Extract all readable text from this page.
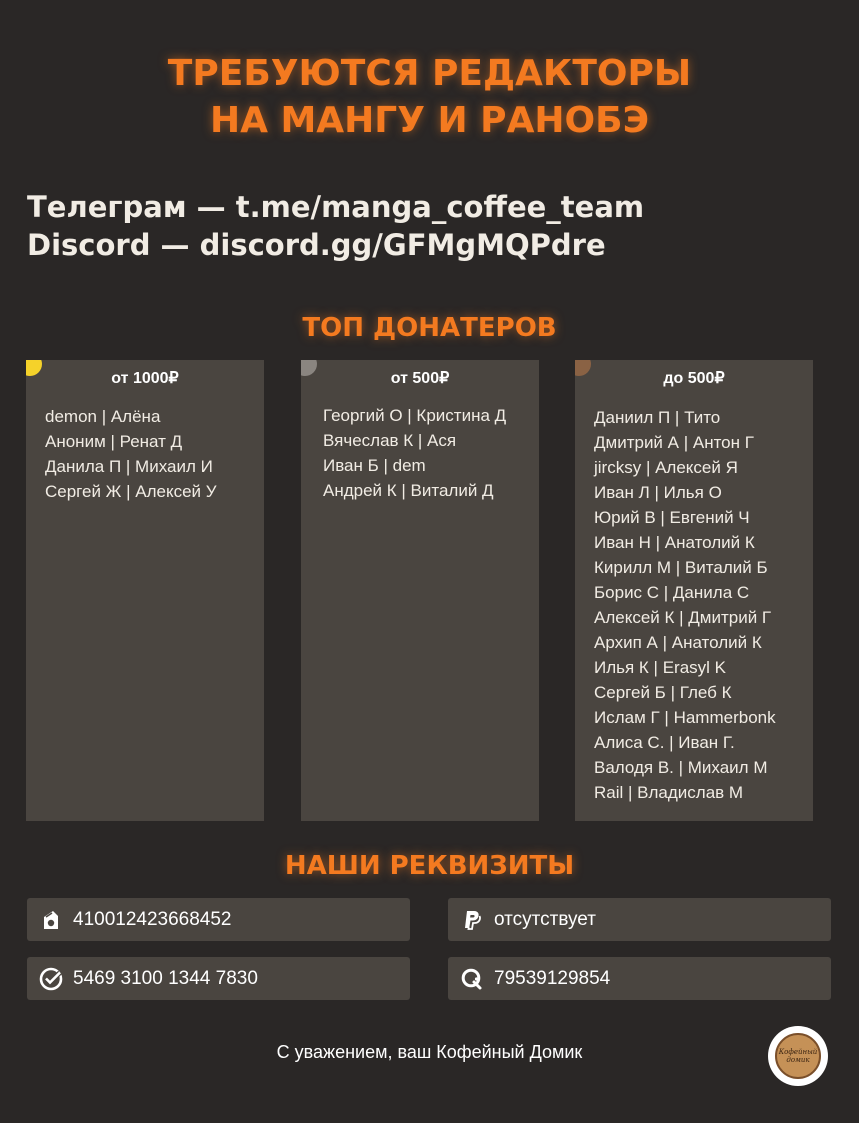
ТРЕБУЮТСЯ РЕДАКТОРЫ
НА МАНГУ И РАНОБЭ
Телеграм — t.me/manga_coffee_team
Discord — discord.gg/GFMgMQPdre
ТОП ДОНАТЕРОВ
от 1000₽
demon | Алёна
Аноним | Ренат Д
Данила П | Михаил И
Сергей Ж | Алексей У
от 500₽
Георгий О | Кристина Д
Вячеслав К | Ася
Иван Б | dem
Андрей К | Виталий Д
до 500₽
Даниил П | Тито
Дмитрий А | Антон Г
jircksy | Алексей Я
Иван Л | Илья О
Юрий В | Евгений Ч
Иван Н | Анатолий К
Кирилл М | Виталий Б
Борис С | Данила С
Алексей К | Дмитрий Г
Архип А | Анатолий К
Илья К | Erasyl K
Сергей Б | Глеб К
Ислам Г | Hammerbonk
Алиса С. | Иван Г.
Валодя В. | Михаил М
Rail | Владислав М
НАШИ РЕКВИЗИТЫ
410012423668452	отсутствует
5469 3100 1344 7830	79539129854
С уважением, ваш Кофейный Домик	Кофейный домик
